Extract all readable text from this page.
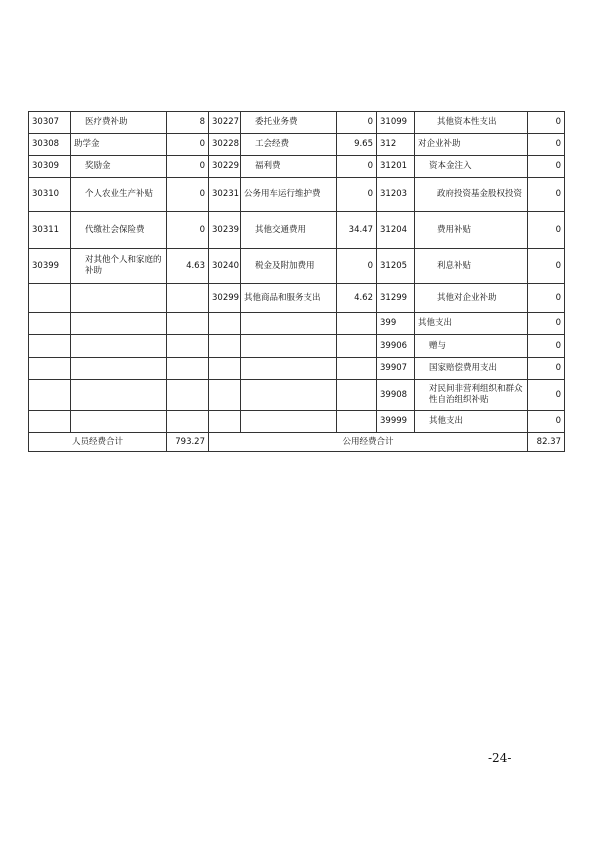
30307	医疗费补助	8	30227	委托业务费	0	31099	其他资本性支出	0
30308	助学金	0	30228	工会经费	9.65	312	对企业补助	0
30309	奖励金	0	30229	福利费	0	31201	资本金注入	0
30310	个人农业生产补贴	0	30231	公务用车运行维护费	0	31203	政府投资基金股权投资	0
30311	代缴社会保险费	0	30239	其他交通费用	34.47	31204	费用补贴	0
30399	对其他个人和家庭的补助	4.63	30240	税金及附加费用	0	31205	利息补贴	0
			30299	其他商品和服务支出	4.62	31299	其他对企业补助	0
						399	其他支出	0
						39906	赠与	0
						39907	国家赔偿费用支出	0
						39908	对民间非营利组织和群众性自治组织补贴	0
						39999	其他支出	0
人员经费合计		793.27	公用经费合计					82.37
-24-
